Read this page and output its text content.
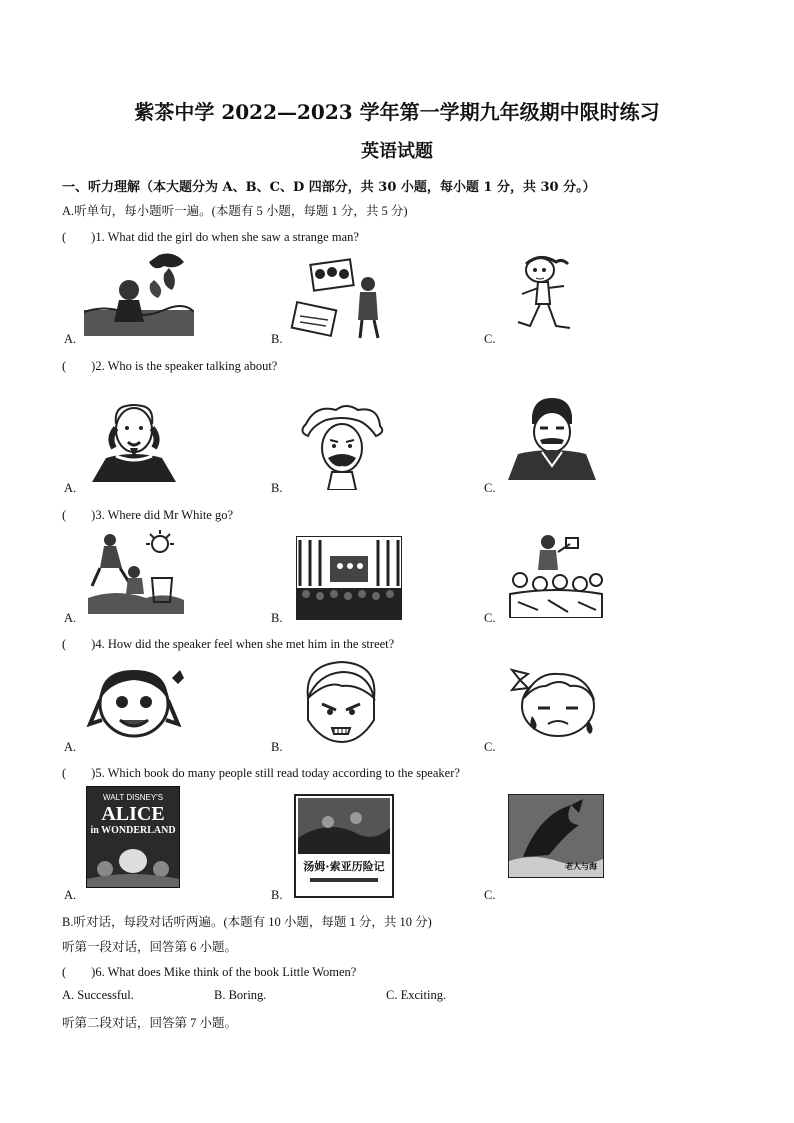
紫茶中学 2022—2023 学年第一学期九年级期中限时练习
英语试题
一、听力理解（本大题分为 A、B、C、D 四部分，共 30 小题，每小题 1 分，共 30 分。）
A.听单句，每小题听一遍。(本题有 5 小题，每题 1 分，共 5 分)
(　　)1. What did the girl do when she saw a strange man?
A.	B.	C.
(　　)2. Who is the speaker talking about?
A.	B.	C.
(　　)3. Where did Mr White go?
A.	B.	C.
(　　)4. How did the speaker feel when she met him in the street?
A.	B.	C.
(　　)5. Which book do many people still read today according to the speaker?
WALT DISNEY'S
ALICE
in WONDERLAND
A.
汤姆·索亚历险记
B.
老人与海
C.
B.听对话，每段对话听两遍。(本题有 10 小题，每题 1 分，共 10 分)
听第一段对话，回答第 6 小题。
(　　)6. What does Mike think of the book Little Women?
A. Successful.	B. Boring.	C. Exciting.
听第二段对话，回答第 7 小题。
